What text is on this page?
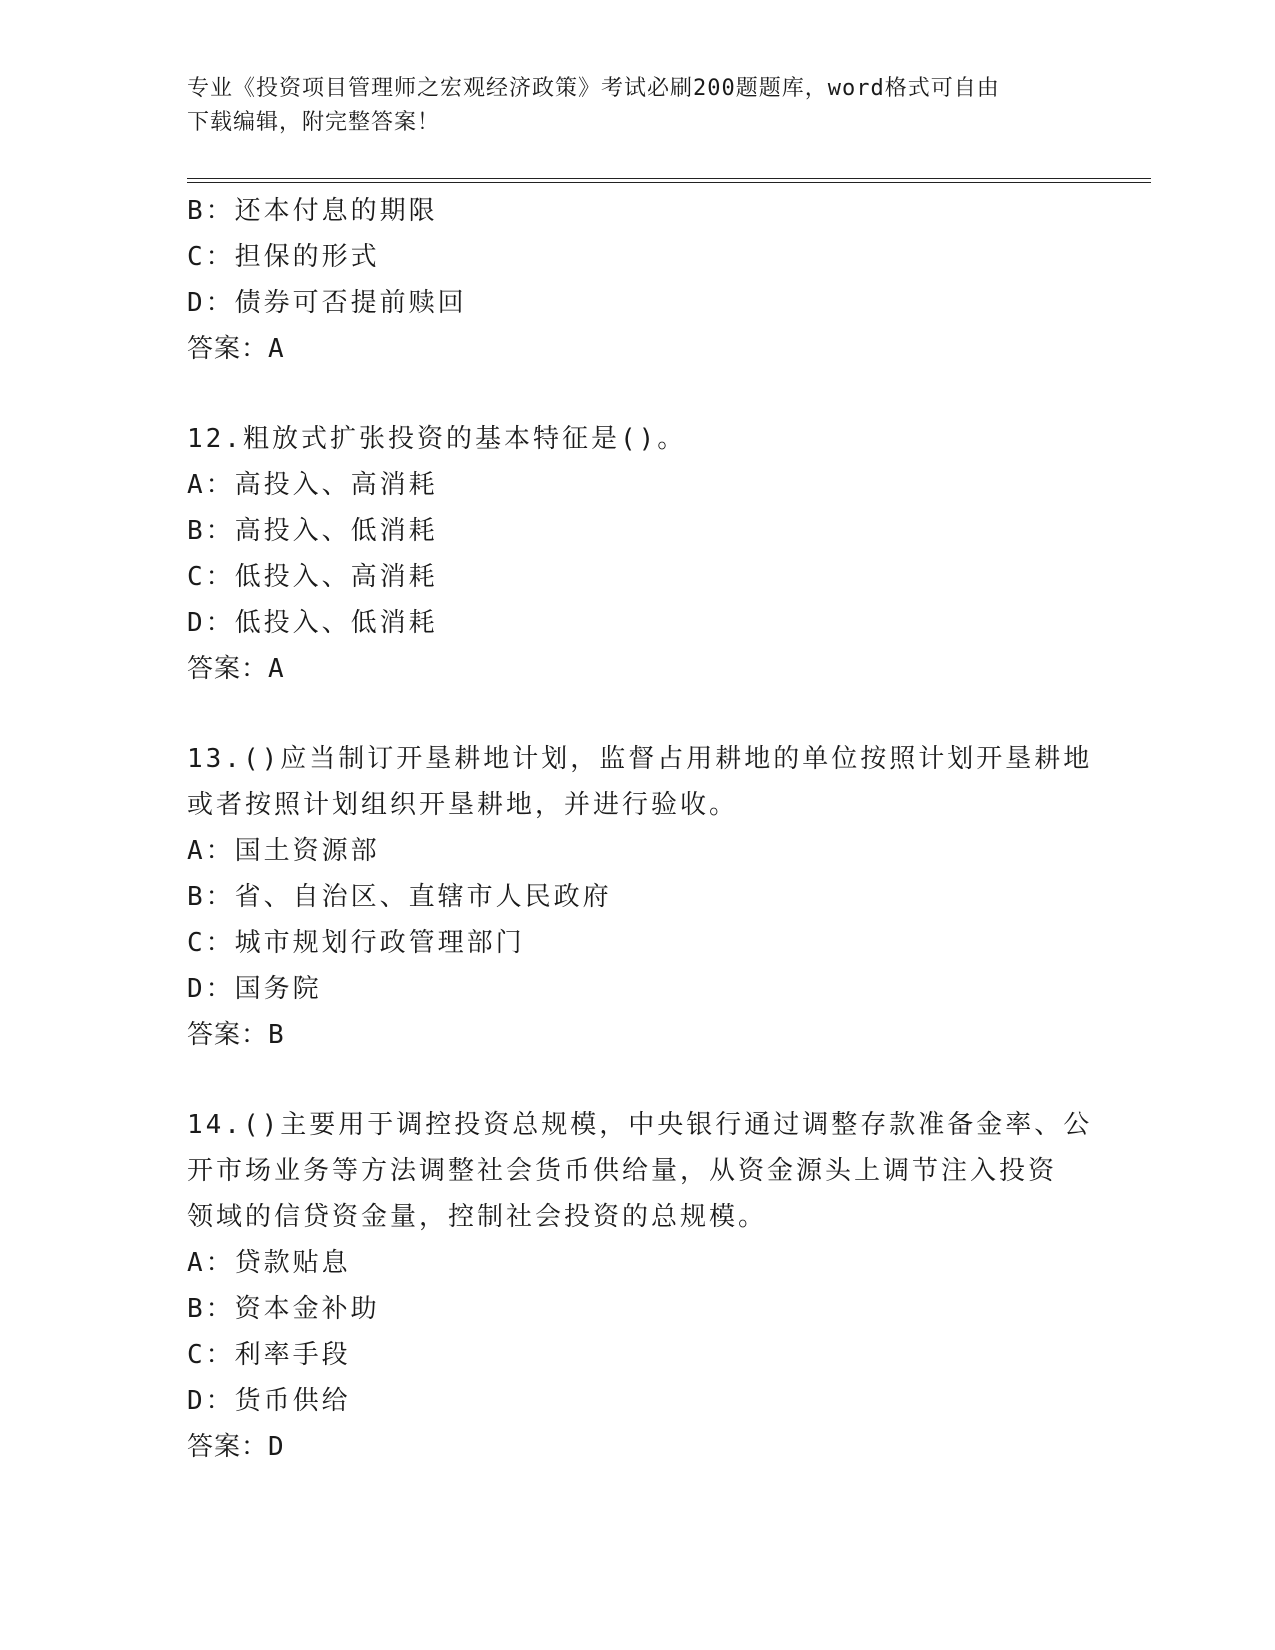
专业《投资项目管理师之宏观经济政策》考试必刷200题题库，word格式可自由
下载编辑，附完整答案！
B：还本付息的期限
C：担保的形式
D：债券可否提前赎回
答案：A
12.粗放式扩张投资的基本特征是()。
A：高投入、高消耗
B：高投入、低消耗
C：低投入、高消耗
D：低投入、低消耗
答案：A
13.()应当制订开垦耕地计划，监督占用耕地的单位按照计划开垦耕地
或者按照计划组织开垦耕地，并进行验收。
A：国土资源部
B：省、自治区、直辖市人民政府
C：城市规划行政管理部门
D：国务院
答案：B
14.()主要用于调控投资总规模，中央银行通过调整存款准备金率、公
开市场业务等方法调整社会货币供给量，从资金源头上调节注入投资
领域的信贷资金量，控制社会投资的总规模。
A：贷款贴息
B：资本金补助
C：利率手段
D：货币供给
答案：D
